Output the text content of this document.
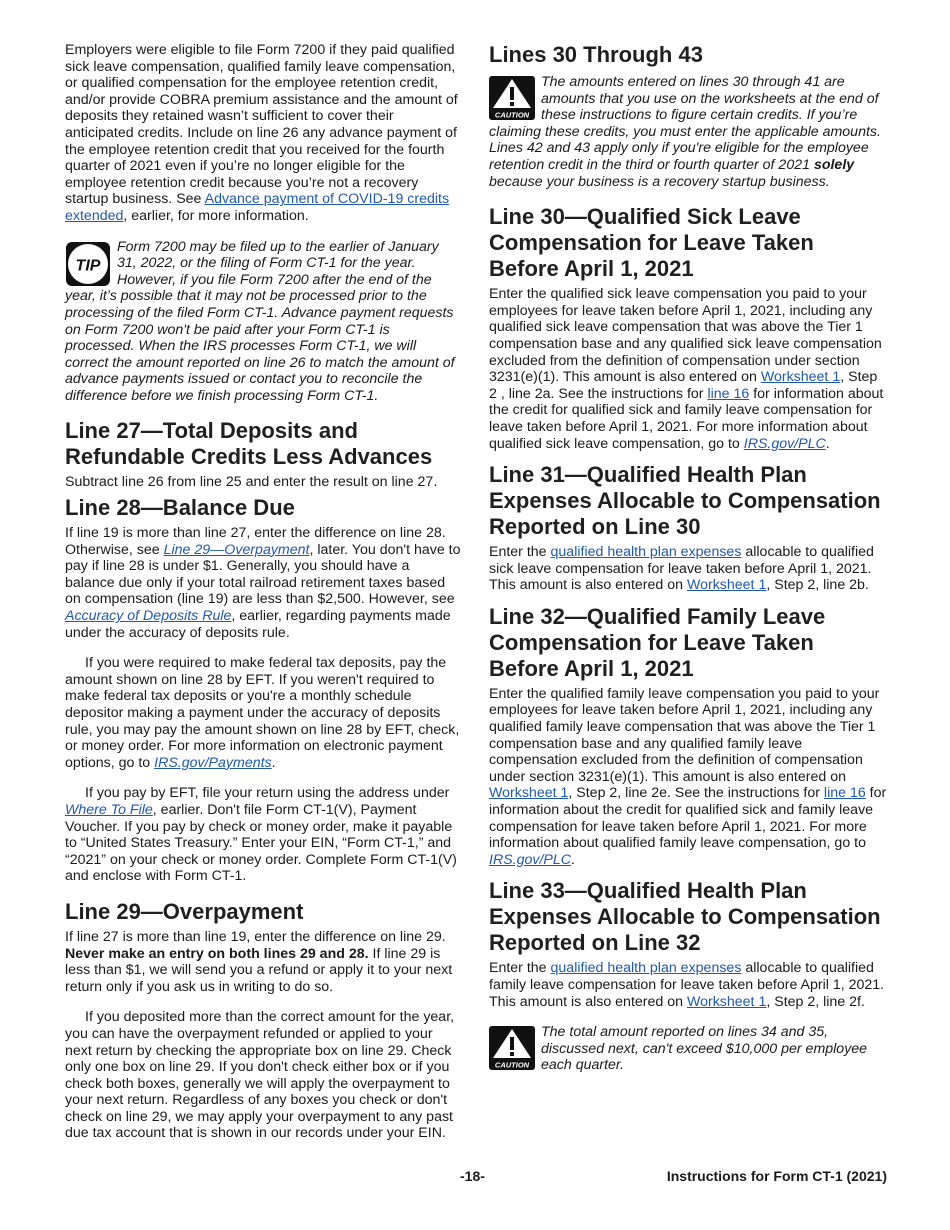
Employers were eligible to file Form 7200 if they paid qualified sick leave compensation, qualified family leave compensation, or qualified compensation for the employee retention credit, and/or provide COBRA premium assistance and the amount of deposits they retained wasn’t sufficient to cover their anticipated credits. Include on line 26 any advance payment of the employee retention credit that you received for the fourth quarter of 2021 even if you’re no longer eligible for the employee retention credit because you’re not a recovery startup business. See Advance payment of COVID-19 credits extended, earlier, for more information.

TIP
Form 7200 may be filed up to the earlier of January 31, 2022, or the filing of Form CT-1 for the year. However, if you file Form 7200 after the end of the year, it’s possible that it may not be processed prior to the processing of the filed Form CT-1. Advance payment requests on Form 7200 won't be paid after your Form CT-1 is processed. When the IRS processes Form CT-1, we will correct the amount reported on line 26 to match the amount of advance payments issued or contact you to reconcile the difference before we finish processing Form CT-1.
Line 27—Total Deposits and Refundable Credits Less Advances

Subtract line 26 from line 25 and enter the result on line 27.

Line 28—Balance Due

If line 19 is more than line 27, enter the difference on line 28. Otherwise, see Line 29—Overpayment, later. You don't have to pay if line 28 is under $1. Generally, you should have a balance due only if your total railroad retirement taxes based on compensation (line 19) are less than $2,500. However, see Accuracy of Deposits Rule, earlier, regarding payments made under the accuracy of deposits rule.

If you were required to make federal tax deposits, pay the amount shown on line 28 by EFT. If you weren't required to make federal tax deposits or you're a monthly schedule depositor making a payment under the accuracy of deposits rule, you may pay the amount shown on line 28 by EFT, check, or money order. For more information on electronic payment options, go to IRS.gov/Payments.

If you pay by EFT, file your return using the address under Where To File, earlier. Don't file Form CT-1(V), Payment Voucher. If you pay by check or money order, make it payable to “United States Treasury.” Enter your EIN, “Form CT-1,” and “2021” on your check or money order. Complete Form CT-1(V) and enclose with Form CT-1.

Line 29—Overpayment

If line 27 is more than line 19, enter the difference on line 29. Never make an entry on both lines 29 and 28. If line 29 is less than $1, we will send you a refund or apply it to your next return only if you ask us in writing to do so.

If you deposited more than the correct amount for the year, you can have the overpayment refunded or applied to your next return by checking the appropriate box on line 29. Check only one box on line 29. If you don't check either box or if you check both boxes, generally we will apply the overpayment to your next return. Regardless of any boxes you check or don't check on line 29, we may apply your overpayment to any past due tax account that is shown in our records under your EIN.

Lines 30 Through 43
CAUTION
The amounts entered on lines 30 through 41 are amounts that you use on the worksheets at the end of these instructions to figure certain credits. If you’re claiming these credits, you must enter the applicable amounts. Lines 42 and 43 apply only if you're eligible for the employee retention credit in the third or fourth quarter of 2021 solely because your business is a recovery startup business.
Line 30—Qualified Sick Leave Compensation for Leave Taken Before April 1, 2021

Enter the qualified sick leave compensation you paid to your employees for leave taken before April 1, 2021, including any qualified sick leave compensation that was above the Tier 1 compensation base and any qualified sick leave compensation excluded from the definition of compensation under section 3231(e)(1). This amount is also entered on Worksheet 1, Step 2 , line 2a. See the instructions for line 16 for information about the credit for qualified sick and family leave compensation for leave taken before April 1, 2021. For more information about qualified sick leave compensation, go to IRS.gov/PLC.

Line 31—Qualified Health Plan Expenses Allocable to Compensation Reported on Line 30

Enter the qualified health plan expenses allocable to qualified sick leave compensation for leave taken before April 1, 2021. This amount is also entered on Worksheet 1, Step 2, line 2b.

Line 32—Qualified Family Leave Compensation for Leave Taken Before April 1, 2021

Enter the qualified family leave compensation you paid to your employees for leave taken before April 1, 2021, including any qualified family leave compensation that was above the Tier 1 compensation base and any qualified family leave compensation excluded from the definition of compensation under section 3231(e)(1). This amount is also entered on Worksheet 1, Step 2, line 2e. See the instructions for line 16 for information about the credit for qualified sick and family leave compensation for leave taken before April 1, 2021. For more information about qualified family leave compensation, go to IRS.gov/PLC.

Line 33—Qualified Health Plan Expenses Allocable to Compensation Reported on Line 32

Enter the qualified health plan expenses allocable to qualified family leave compensation for leave taken before April 1, 2021. This amount is also entered on Worksheet 1, Step 2, line 2f.

CAUTION
The total amount reported on lines 34 and 35, discussed next, can't exceed $10,000 per employee each quarter.
-18-	Instructions for Form CT-1 (2021)
